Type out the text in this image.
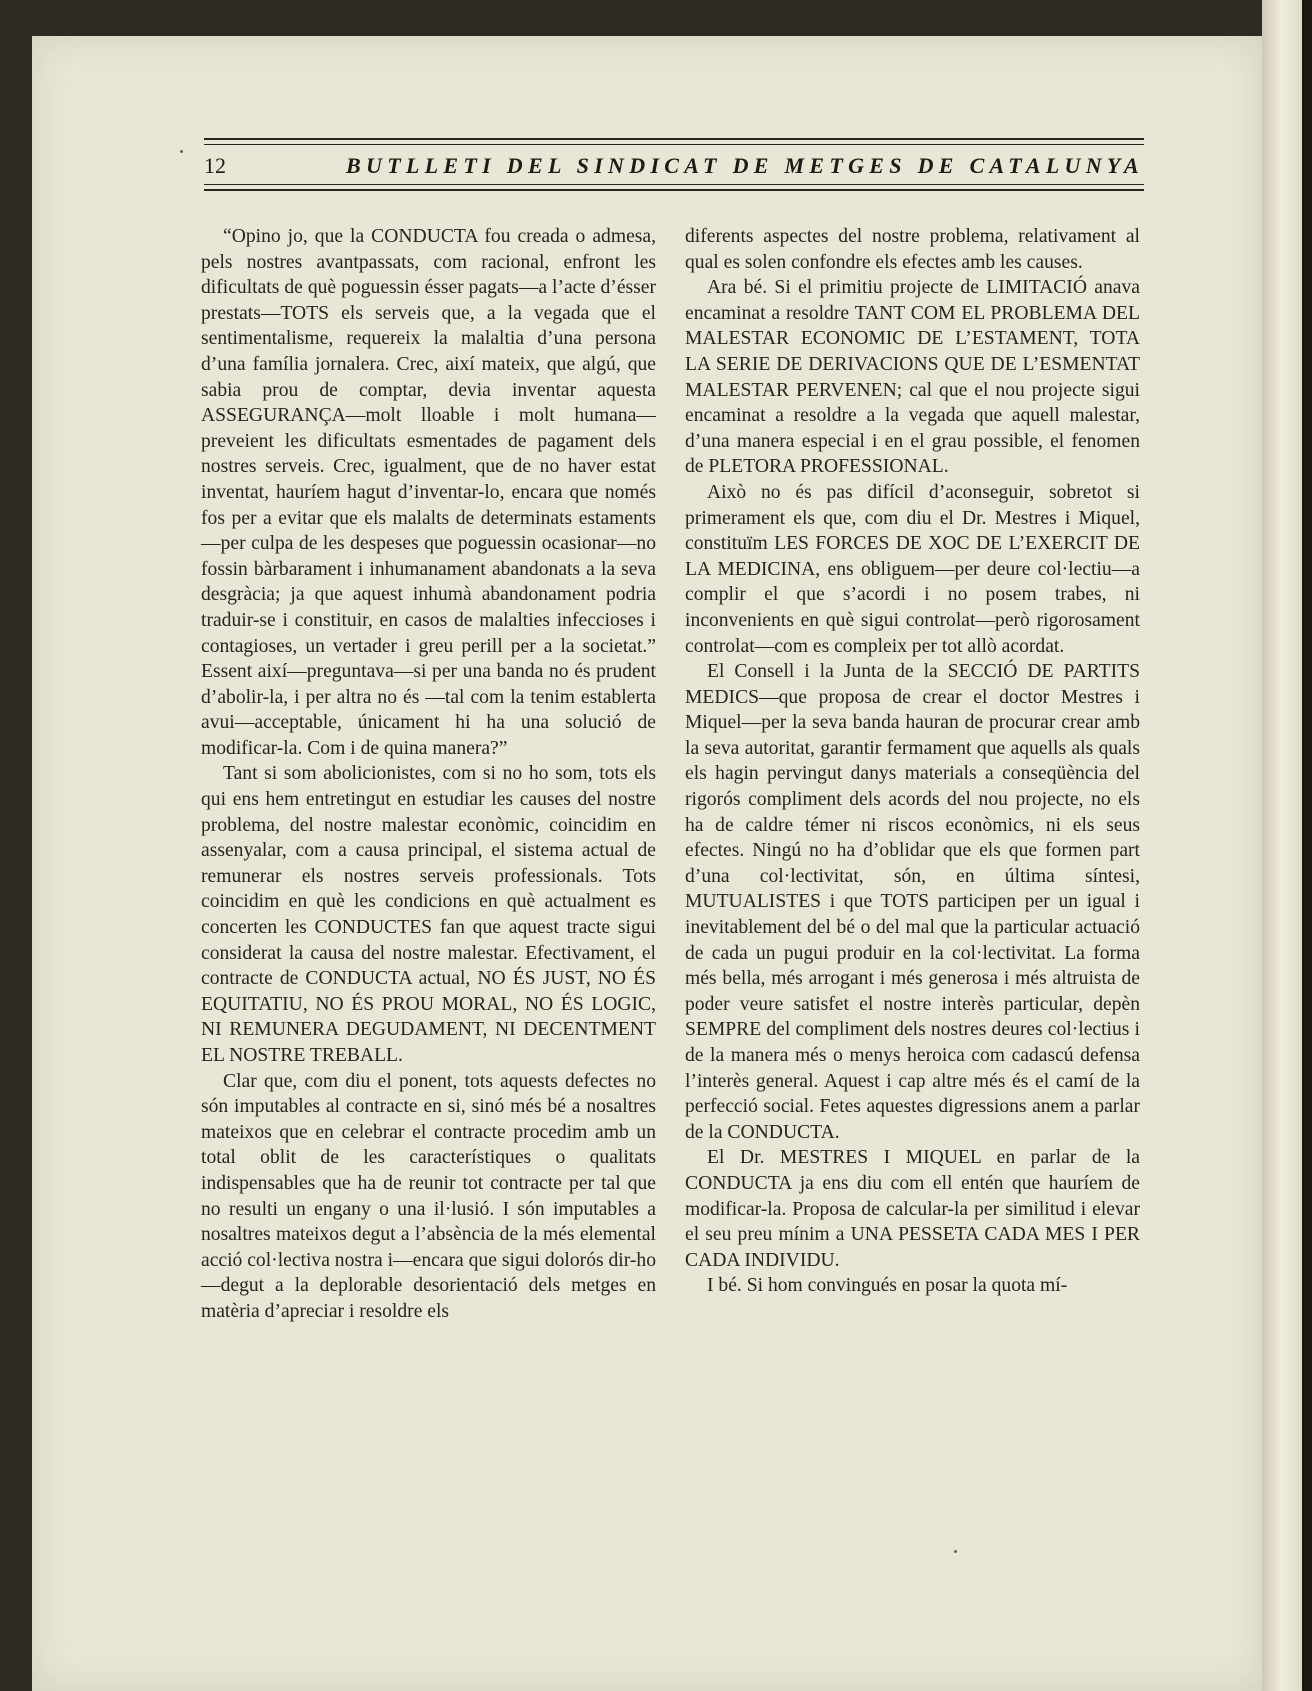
12	BUTLLETI DEL SINDICAT DE METGES DE CATALUNYA

“Opino jo, que la CONDUCTA fou creada o admesa, pels nostres avantpassats, com racional, enfront les dificultats de què poguessin ésser pagats—a l’acte d’ésser prestats—TOTS els serveis que, a la vegada que el sentimentalisme, requereix la malaltia d’una persona d’una família jornalera. Crec, així mateix, que algú, que sabia prou de comptar, devia inventar aquesta ASSEGURANÇA—molt lloable i molt humana—preveient les dificultats esmentades de pagament dels nostres serveis. Crec, igualment, que de no haver estat inventat, hauríem hagut d’inventar-lo, encara que només fos per a evitar que els malalts de determinats estaments—per culpa de les despeses que poguessin ocasionar—no fossin bàrbarament i inhumanament abandonats a la seva desgràcia; ja que aquest inhumà abandonament podria traduir-se i constituir, en casos de malalties infeccioses i contagioses, un vertader i greu perill per a la societat.” Essent així—preguntava—si per una banda no és prudent d’abolir-la, i per altra no és —tal com la tenim establerta avui—acceptable, únicament hi ha una solució de modificar-la. Com i de quina manera?”

Tant si som abolicionistes, com si no ho som, tots els qui ens hem entretingut en estudiar les causes del nostre problema, del nostre malestar econòmic, coincidim en assenyalar, com a causa principal, el sistema actual de remunerar els nostres serveis professionals. Tots coincidim en què les condicions en què actualment es concerten les CONDUCTES fan que aquest tracte sigui considerat la causa del nostre malestar. Efectivament, el contracte de CONDUCTA actual, NO ÉS JUST, NO ÉS EQUITATIU, NO ÉS PROU MORAL, NO ÉS LOGIC, NI REMUNERA DEGUDAMENT, NI DECENTMENT EL NOSTRE TREBALL.

Clar que, com diu el ponent, tots aquests defectes no són imputables al contracte en si, sinó més bé a nosaltres mateixos que en celebrar el contracte procedim amb un total oblit de les característiques o qualitats indispensables que ha de reunir tot contracte per tal que no resulti un engany o una il·lusió. I són imputables a nosaltres mateixos degut a l’absència de la més elemental acció col·lectiva nostra i—encara que sigui dolorós dir-ho—degut a la deplorable desorientació dels metges en matèria d’apreciar i resoldre els

diferents aspectes del nostre problema, relativament al qual es solen confondre els efectes amb les causes.

Ara bé. Si el primitiu projecte de LIMITACIÓ anava encaminat a resoldre TANT COM EL PROBLEMA DEL MALESTAR ECONOMIC DE L’ESTAMENT, TOTA LA SERIE DE DERIVACIONS QUE DE L’ESMENTAT MALESTAR PERVENEN; cal que el nou projecte sigui encaminat a resoldre a la vegada que aquell malestar, d’una manera especial i en el grau possible, el fenomen de PLETORA PROFESSIONAL.

Això no és pas difícil d’aconseguir, sobretot si primerament els que, com diu el Dr. Mestres i Miquel, constituïm LES FORCES DE XOC DE L’EXERCIT DE LA MEDICINA, ens obliguem—per deure col·lectiu—a complir el que s’acordi i no posem trabes, ni inconvenients en què sigui controlat—però rigorosament controlat—com es compleix per tot allò acordat.

El Consell i la Junta de la SECCIÓ DE PARTITS MEDICS—que proposa de crear el doctor Mestres i Miquel—per la seva banda hauran de procurar crear amb la seva autoritat, garantir fermament que aquells als quals els hagin pervingut danys materials a conseqüència del rigorós compliment dels acords del nou projecte, no els ha de caldre témer ni riscos econòmics, ni els seus efectes. Ningú no ha d’oblidar que els que formen part d’una col·lectivitat, són, en última síntesi, MUTUALISTES i que TOTS participen per un igual i inevitablement del bé o del mal que la particular actuació de cada un pugui produir en la col·lectivitat. La forma més bella, més arrogant i més generosa i més altruista de poder veure satisfet el nostre interès particular, depèn SEMPRE del compliment dels nostres deures col·lectius i de la manera més o menys heroica com cadascú defensa l’interès general. Aquest i cap altre més és el camí de la perfecció social. Fetes aquestes digressions anem a parlar de la CONDUCTA.

El Dr. MESTRES I MIQUEL en parlar de la CONDUCTA ja ens diu com ell entén que hauríem de modificar-la. Proposa de calcular-la per similitud i elevar el seu preu mínim a UNA PESSETA CADA MES I PER CADA INDIVIDU.

I bé. Si hom convingués en posar la quota mí-
